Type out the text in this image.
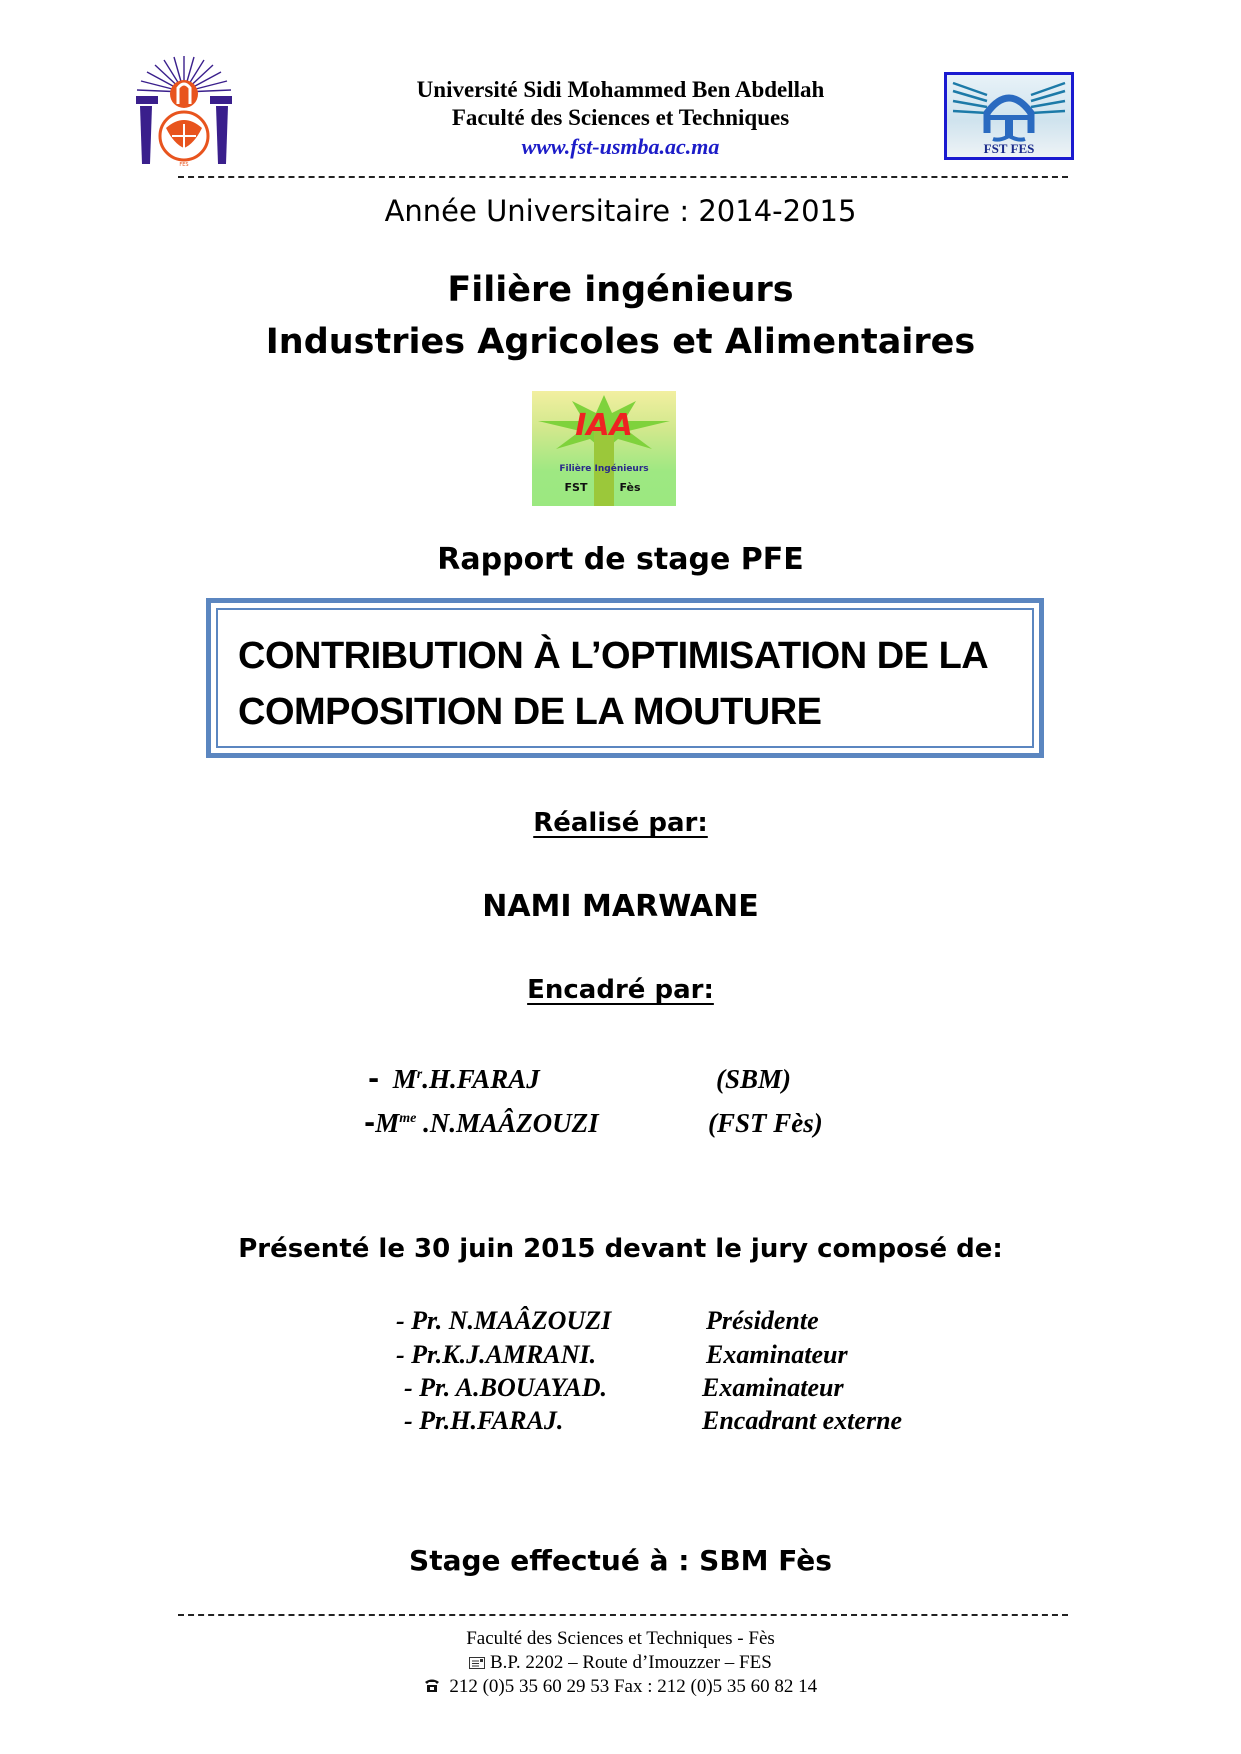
FES
Université Sidi Mohammed Ben Abdellah
Faculté des Sciences et Techniques
www.fst-usmba.ac.ma	FST FES
Année Universitaire : 2014-2015
Filière ingénieurs
Industries Agricoles et Alimentaires
IAA
Filière Ingénieurs
FST	Fès
Rapport de stage PFE
CONTRIBUTION À L’OPTIMISATION DE LA
COMPOSITION DE LA MOUTURE
Réalisé par:
NAMI MARWANE
Encadré par:
- $M^r.H.FARAJ$	(SBM)
$-M^{me}$ .N.MAÂZOUZI	(FST Fès)
Présenté le 30 juin 2015 devant le jury composé de:
- Pr. N.MAÂZOUZI	Présidente
- Pr.K.J.AMRANI.	Examinateur
- Pr. A.BOUAYAD.	Examinateur
- Pr.H.FARAJ.	Encadrant externe
Stage effectué à : SBM Fès
Faculté des Sciences et Techniques - Fès
B.P. 2202 – Route d’Imouzzer – FES
212 (0)5 35 60 29 53 Fax : 212 (0)5 35 60 82 14
